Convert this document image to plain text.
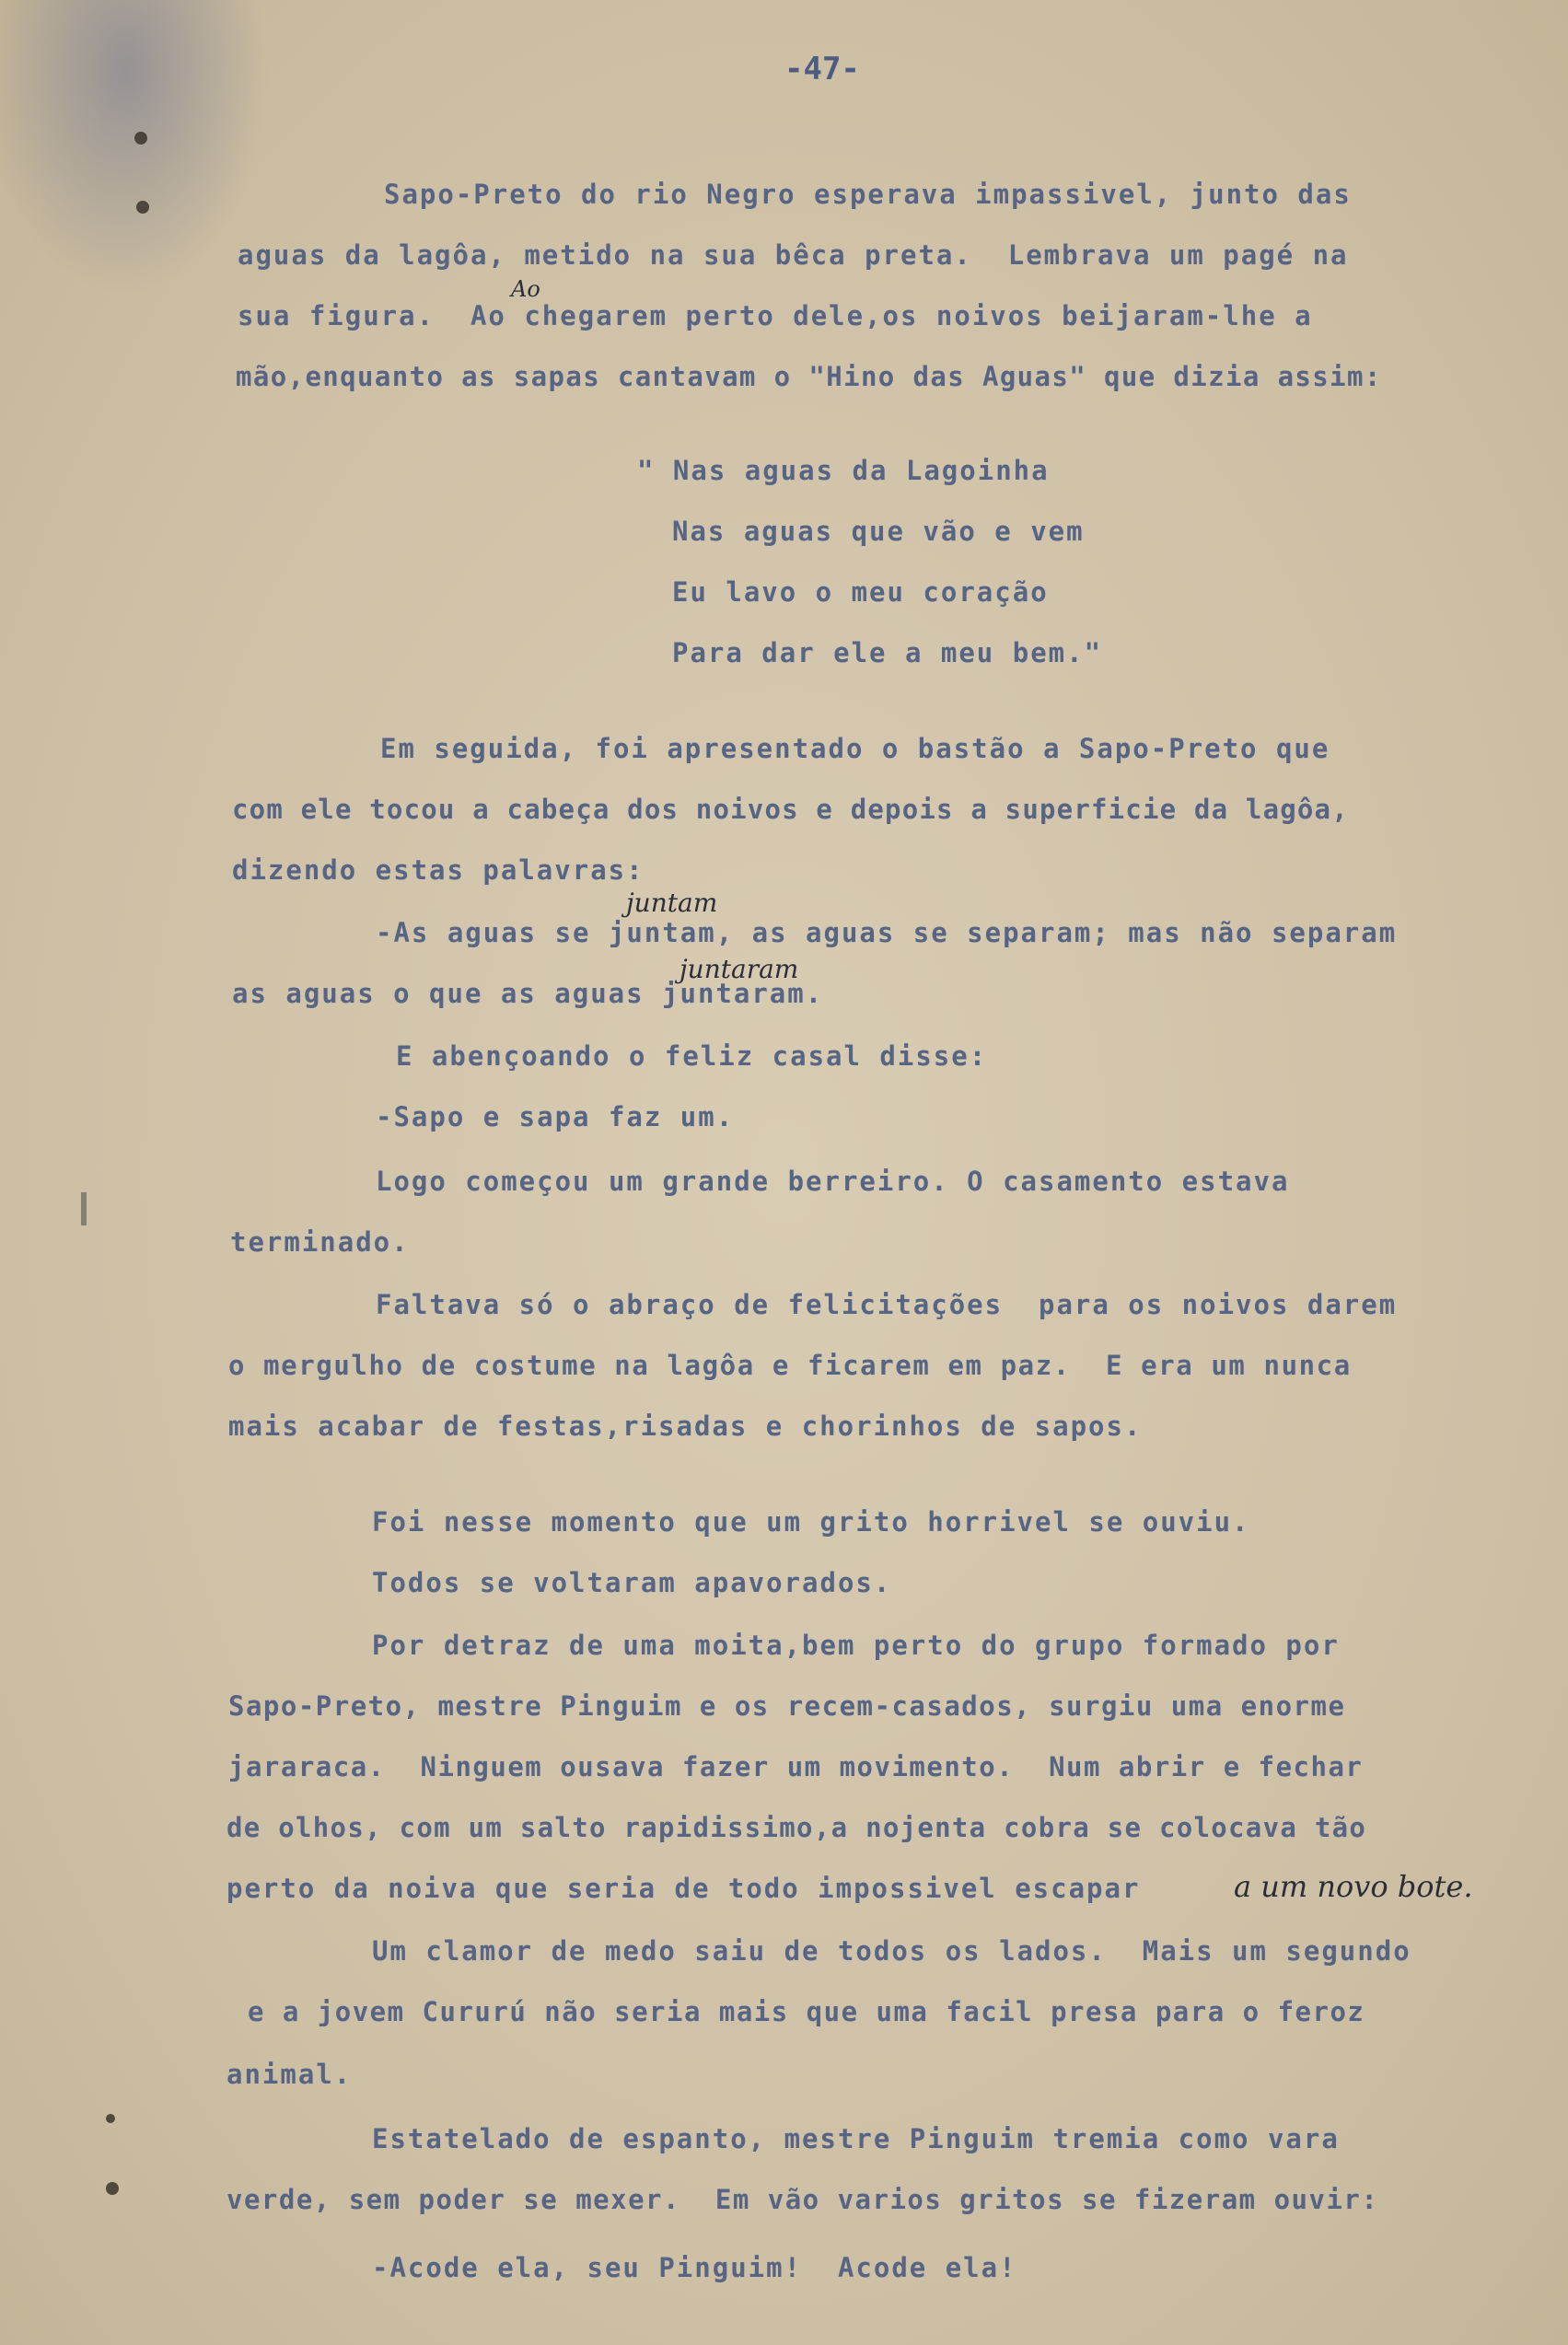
-47-
Sapo-Preto do rio Negro esperava impassivel, junto das
aguas da lagôa, metido na sua bêca preta.  Lembrava um pagé na
sua figura.  Ao chegarem perto dele,os noivos beijaram-lhe a
mão,enquanto as sapas cantavam o "Hino das Aguas" que dizia assim:
" Nas aguas da Lagoinha
Nas aguas que vão e vem
Eu lavo o meu coração
Para dar ele a meu bem."
Em seguida, foi apresentado o bastão a Sapo-Preto que
com ele tocou a cabeça dos noivos e depois a superficie da lagôa,
dizendo estas palavras:
-As aguas se juntam, as aguas se separam; mas não separam
as aguas o que as aguas juntaram.
E abençoando o feliz casal disse:
-Sapo e sapa faz um.
Logo começou um grande berreiro. O casamento estava
terminado.
Faltava só o abraço de felicitações  para os noivos darem
o mergulho de costume na lagôa e ficarem em paz.  E era um nunca
mais acabar de festas,risadas e chorinhos de sapos.
Foi nesse momento que um grito horrivel se ouviu.
Todos se voltaram apavorados.
Por detraz de uma moita,bem perto do grupo formado por
Sapo-Preto, mestre Pinguim e os recem-casados, surgiu uma enorme
jararaca.  Ninguem ousava fazer um movimento.  Num abrir e fechar
de olhos, com um salto rapidissimo,a nojenta cobra se colocava tão
perto da noiva que seria de todo impossivel escapar
Um clamor de medo saiu de todos os lados.  Mais um segundo
e a jovem Cururú não seria mais que uma facil presa para o feroz
animal.
Estatelado de espanto, mestre Pinguim tremia como vara
verde, sem poder se mexer.  Em vão varios gritos se fizeram ouvir:
-Acode ela, seu Pinguim!  Acode ela!
Ao
juntam
juntaram
a um novo bote.
